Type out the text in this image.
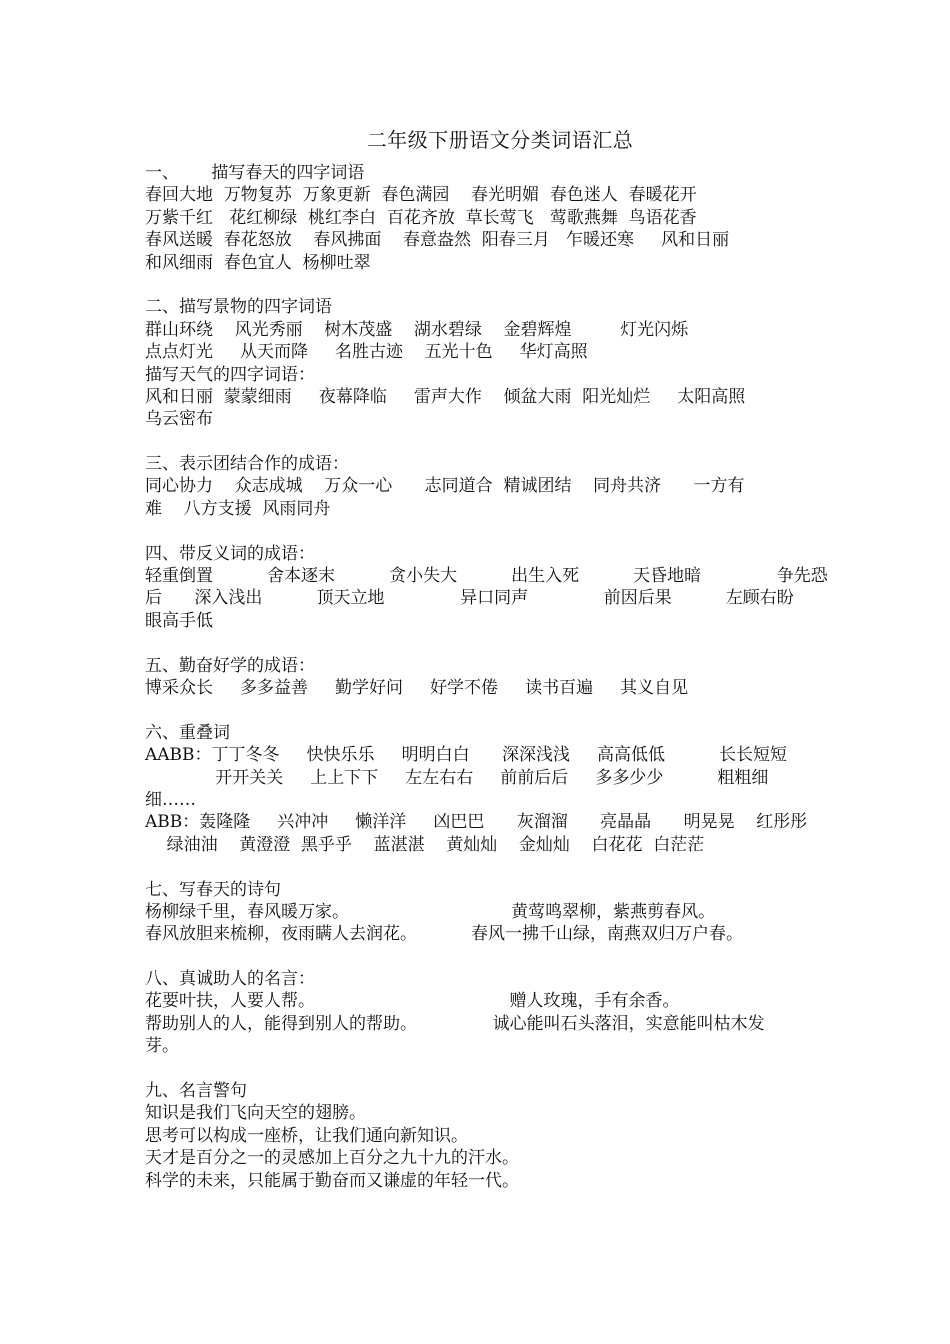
二年级下册语文分类词语汇总
一、      描写春天的四字词语
春回大地  万物复苏  万象更新  春色满园    春光明媚  春色迷人  春暖花开
万紫千红   花红柳绿  桃红李白  百花齐放  草长莺飞   莺歌燕舞  鸟语花香
春风送暖  春花怒放    春风拂面    春意盎然  阳春三月   乍暖还寒     风和日丽
和风细雨  春色宜人  杨柳吐翠
二、描写景物的四字词语
群山环绕    风光秀丽    树木茂盛    湖水碧绿    金碧辉煌         灯光闪烁
点点灯光     从天而降     名胜古迹    五光十色     华灯高照
描写天气的四字词语：
风和日丽  蒙蒙细雨     夜幕降临     雷声大作    倾盆大雨  阳光灿烂     太阳高照
乌云密布
三、表示团结合作的成语：
同心协力    众志成城    万众一心      志同道合  精诚团结    同舟共济      一方有
难    八方支援  风雨同舟
四、带反义词的成语：
轻重倒置          舍本逐末          贪小失大          出生入死          天昏地暗              争先恐
后      深入浅出          顶天立地              异口同声              前因后果          左顾右盼
眼高手低
五、勤奋好学的成语：
博采众长     多多益善     勤学好问     好学不倦     读书百遍     其义自见
六、重叠词
AABB：丁丁冬冬     快快乐乐     明明白白      深深浅浅     高高低低          长长短短
开开关关     上上下下     左左右右     前前后后     多多少少          粗粗细
细……
ABB：轰隆隆     兴冲冲     懒洋洋     凶巴巴      灰溜溜      亮晶晶      明晃晃    红彤彤
绿油油    黄澄澄  黑乎乎    蓝湛湛    黄灿灿    金灿灿    白花花  白茫茫
七、写春天的诗句
杨柳绿千里，春风暖万家。                              黄莺鸣翠柳，紫燕剪春风。
春风放胆来梳柳，夜雨瞒人去润花。          春风一拂千山绿，南燕双归万户春。
八、真诚助人的名言：
花要叶扶，人要人帮。                                    赠人玫瑰，手有余香。
帮助别人的人，能得到别人的帮助。              诚心能叫石头落泪，实意能叫枯木发
芽。
九、名言警句
知识是我们飞向天空的翅膀。
思考可以构成一座桥，让我们通向新知识。
天才是百分之一的灵感加上百分之九十九的汗水。
科学的未来，只能属于勤奋而又谦虚的年轻一代。
